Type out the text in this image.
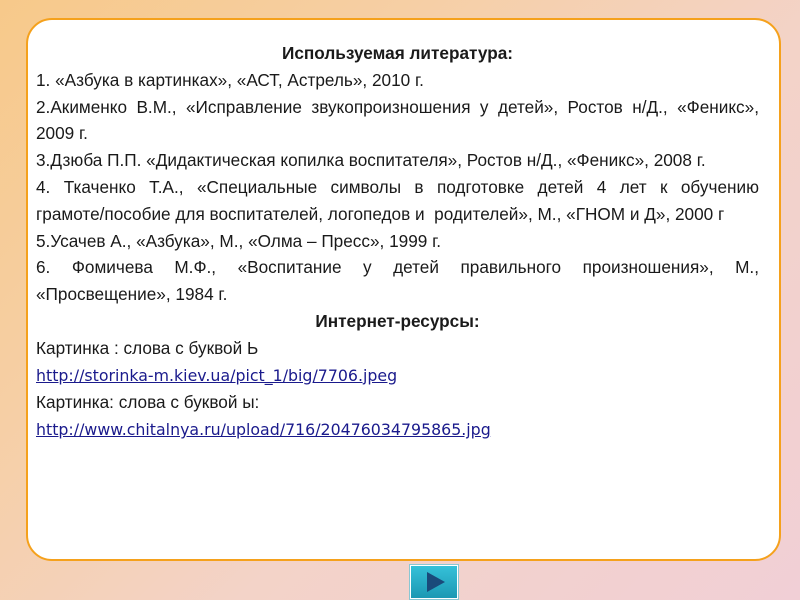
Используемая литература:

1. «Азбука в картинках», «АСТ, Астрель», 2010 г.

2.Акименко В.М., «Исправление звукопроизношения у детей», Ростов н/Д., «Феникс», 2009 г.

3.Дзюба П.П. «Дидактическая копилка воспитателя», Ростов н/Д., «Феникс», 2008 г.

4. Ткаченко Т.А., «Специальные символы в подготовке детей 4 лет к обучению        грамоте/пособие для воспитателей, логопедов и  родителей», М., «ГНОМ и Д», 2000 г

5.Усачев А., «Азбука», М., «Олма – Пресс», 1999 г.

6. Фомичева М.Ф., «Воспитание у детей правильного произношения», М., «Просвещение», 1984 г.

Интернет-ресурсы:

Картинка : слова с буквой Ь

http://storinka-m.kiev.ua/pict_1/big/7706.jpeg

Картинка: слова с буквой ы:

http://www.chitalnya.ru/upload/716/20476034795865.jpg
